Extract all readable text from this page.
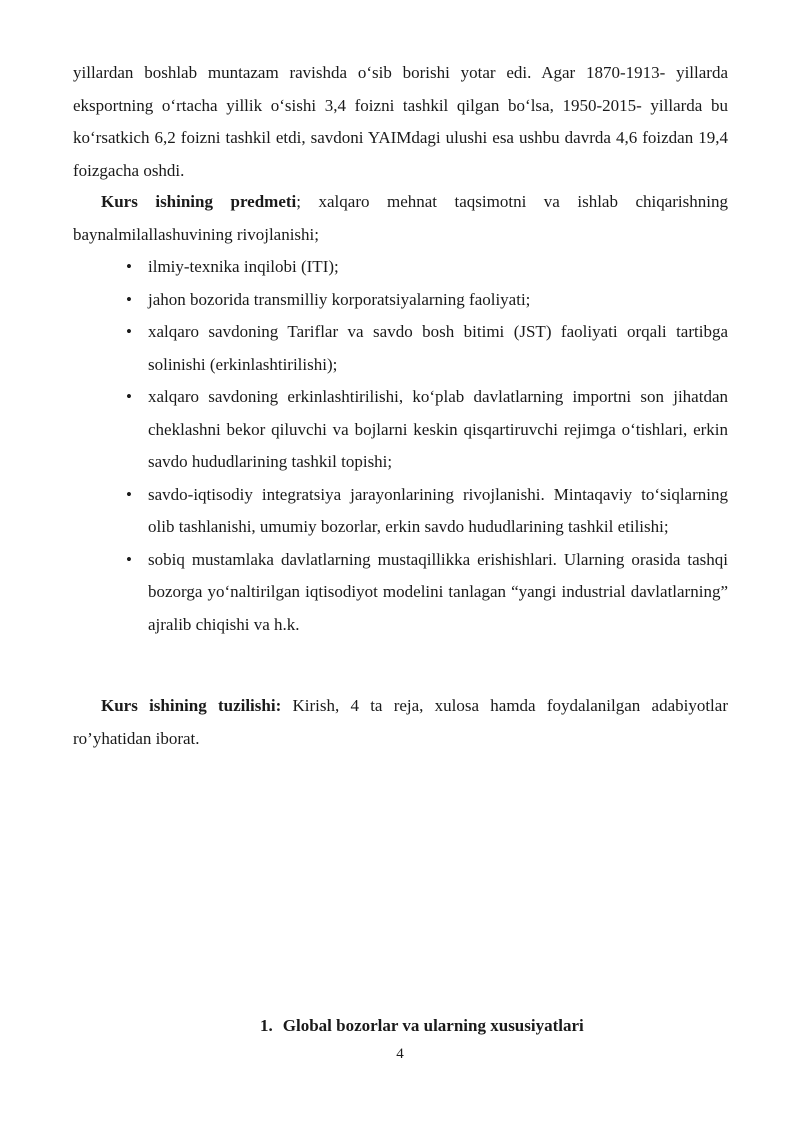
yillardan boshlab muntazam ravishda o‘sib borishi yotar edi. Agar 1870-1913- yillarda eksportning o‘rtacha yillik o‘sishi 3,4 foizni tashkil qilgan bo‘lsa, 1950-2015- yillarda bu ko‘rsatkich 6,2 foizni tashkil etdi, savdoni YAIMdagi ulushi esa ushbu davrda 4,6 foizdan 19,4 foizgacha oshdi.

Kurs ishining predmeti; xalqaro mehnat taqsimotni va ishlab chiqarishning baynalmilallashuvining rivojlanishi;

• ilmiy-texnika inqilobi (ITI);
• jahon bozorida transmilliy korporatsiyalarning faoliyati;
• xalqaro savdoning Tariflar va savdo bosh bitimi (JST) faoliyati orqali tartibga solinishi (erkinlashtirilishi);
• xalqaro savdoning erkinlashtirilishi, ko‘plab davlatlarning importni son jihatdan cheklashni bekor qiluvchi va bojlarni keskin qisqartiruvchi rejimga o‘tishlari, erkin savdo hududlarining tashkil topishi;
• savdo-iqtisodiy integratsiya jarayonlarining rivojlanishi. Mintaqaviy to‘siqlarning olib tashlanishi, umumiy bozorlar, erkin savdo hududlarining tashkil etilishi;
• sobiq mustamlaka davlatlarning mustaqillikka erishishlari. Ularning orasida tashqi bozorga yo‘naltirilgan iqtisodiyot modelini tanlagan “yangi industrial davlatlarning” ajralib chiqishi va h.k.

Kurs ishining tuzilishi: Kirish, 4 ta reja, xulosa hamda foydalanilgan adabiyotlar ro’yhatidan iborat.

1. Global bozorlar va ularning xususiyatlari
4
